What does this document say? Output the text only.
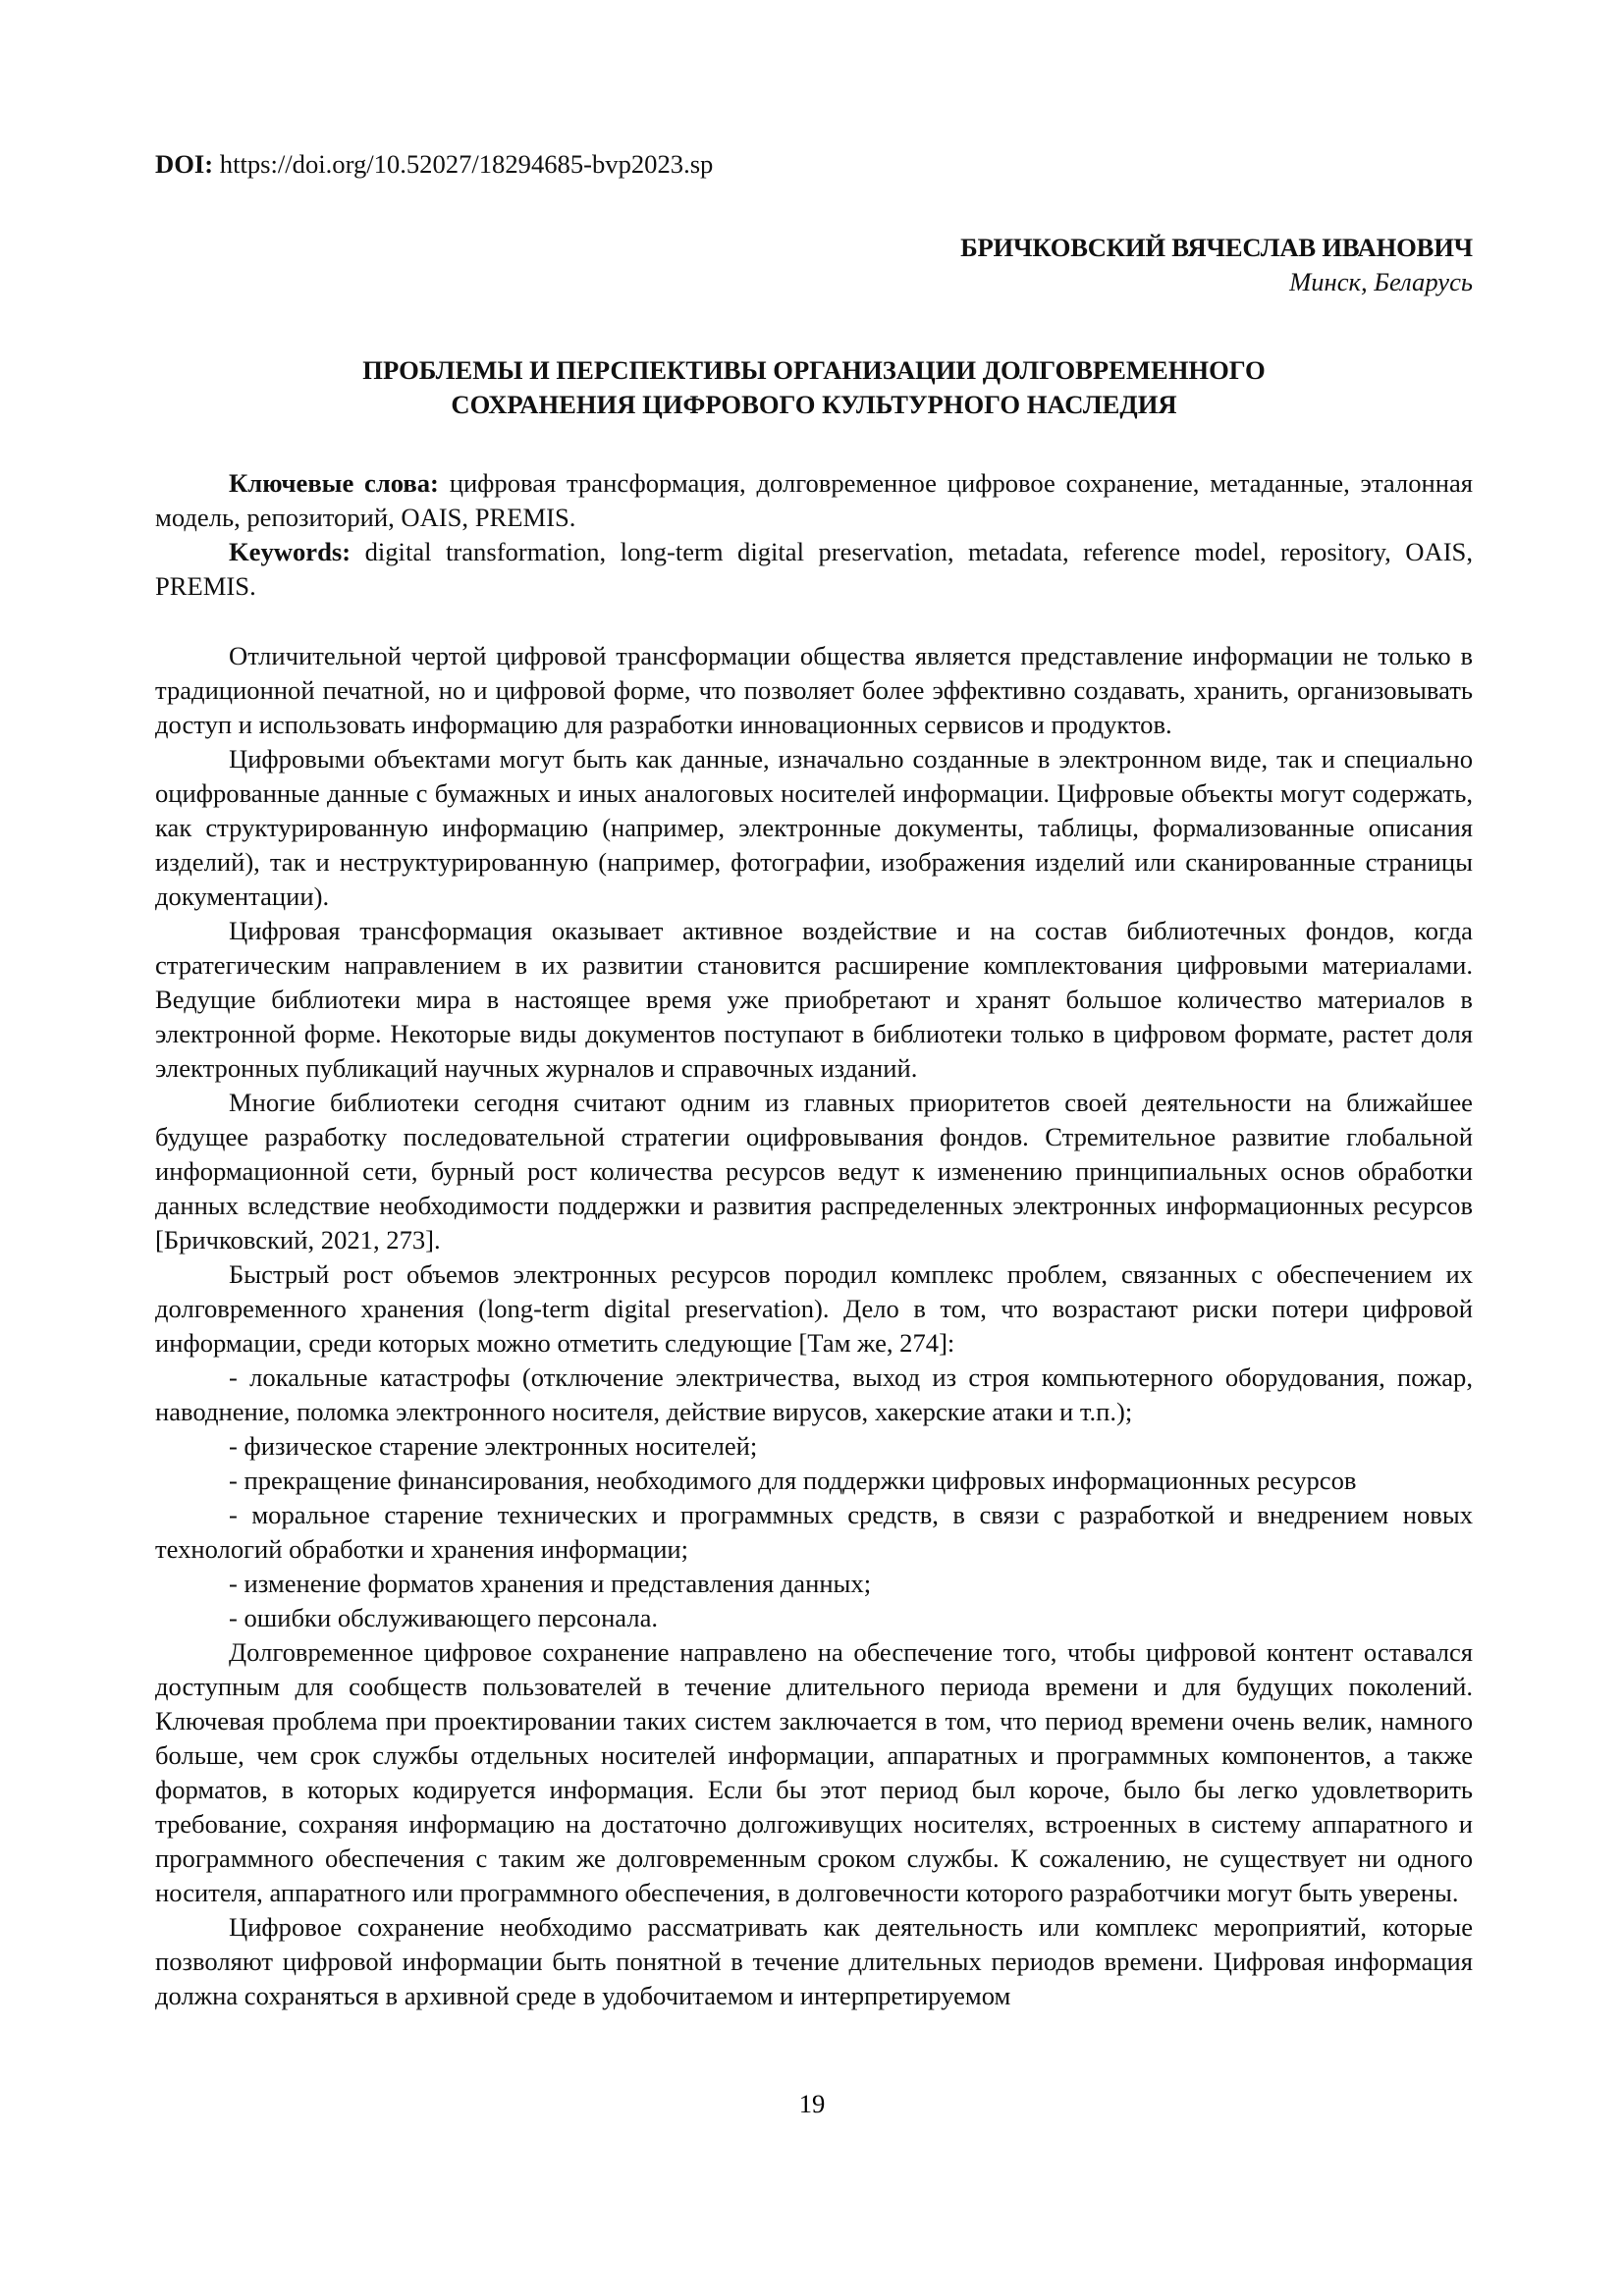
DOI: https://doi.org/10.52027/18294685-bvp2023.sp
БРИЧКОВСКИЙ ВЯЧЕСЛАВ ИВАНОВИЧ
Минск, Беларусь
ПРОБЛЕМЫ И ПЕРСПЕКТИВЫ ОРГАНИЗАЦИИ ДОЛГОВРЕМЕННОГО
СОХРАНЕНИЯ ЦИФРОВОГО КУЛЬТУРНОГО НАСЛЕДИЯ

Ключевые слова: цифровая трансформация, долговременное цифровое сохранение, метаданные, эталонная модель, репозиторий, OAIS, PREMIS.

Keywords: digital transformation, long-term digital preservation, metadata, reference model, repository, OAIS, PREMIS.

Отличительной чертой цифровой трансформации общества является представление информации не только в традиционной печатной, но и цифровой форме, что позволяет более эффективно создавать, хранить, организовывать доступ и использовать информацию для разработки инновационных сервисов и продуктов.

Цифровыми объектами могут быть как данные, изначально созданные в электронном виде, так и специально оцифрованные данные с бумажных и иных аналоговых носителей информации. Цифровые объекты могут содержать, как структурированную информацию (например, электронные документы, таблицы, формализованные описания изделий), так и неструктурированную (например, фотографии, изображения изделий или сканированные страницы документации).

Цифровая трансформация оказывает активное воздействие и на состав библиотечных фондов, когда стратегическим направлением в их развитии становится расширение комплектования цифровыми материалами. Ведущие библиотеки мира в настоящее время уже приобретают и хранят большое количество материалов в электронной форме. Некоторые виды документов поступают в библиотеки только в цифровом формате, растет доля электронных публикаций научных журналов и справочных изданий.

Многие библиотеки сегодня считают одним из главных приоритетов своей деятельности на ближайшее будущее разработку последовательной стратегии оцифровывания фондов. Стремительное развитие глобальной информационной сети, бурный рост количества ресурсов ведут к изменению принципиальных основ обработки данных вследствие необходимости поддержки и развития распределенных электронных информационных ресурсов [Бричковский, 2021, 273].

Быстрый рост объемов электронных ресурсов породил комплекс проблем, связанных с обеспечением их долговременного хранения (long-term digital preservation). Дело в том, что возрастают риски потери цифровой информации, среди которых можно отметить следующие [Там же, 274]:

- локальные катастрофы (отключение электричества, выход из строя компьютерного оборудования, пожар, наводнение, поломка электронного носителя, действие вирусов, хакерские атаки и т.п.);

- физическое старение электронных носителей;

- прекращение финансирования, необходимого для поддержки цифровых информационных ресурсов

- моральное старение технических и программных средств, в связи с разработкой и внедрением новых технологий обработки и хранения информации;

- изменение форматов хранения и представления данных;

- ошибки обслуживающего персонала.

Долговременное цифровое сохранение направлено на обеспечение того, чтобы цифровой контент оставался доступным для сообществ пользователей в течение длительного периода времени и для будущих поколений. Ключевая проблема при проектировании таких систем заключается в том, что период времени очень велик, намного больше, чем срок службы отдельных носителей информации, аппаратных и программных компонентов, а также форматов, в которых кодируется информация. Если бы этот период был короче, было бы легко удовлетворить требование, сохраняя информацию на достаточно долгоживущих носителях, встроенных в систему аппаратного и программного обеспечения с таким же долговременным сроком службы. К сожалению, не существует ни одного носителя, аппаратного или программного обеспечения, в долговечности которого разработчики могут быть уверены.

Цифровое сохранение необходимо рассматривать как деятельность или комплекс мероприятий, которые позволяют цифровой информации быть понятной в течение длительных периодов времени. Цифровая информация должна сохраняться в архивной среде в удобочитаемом и интерпретируемом

19
